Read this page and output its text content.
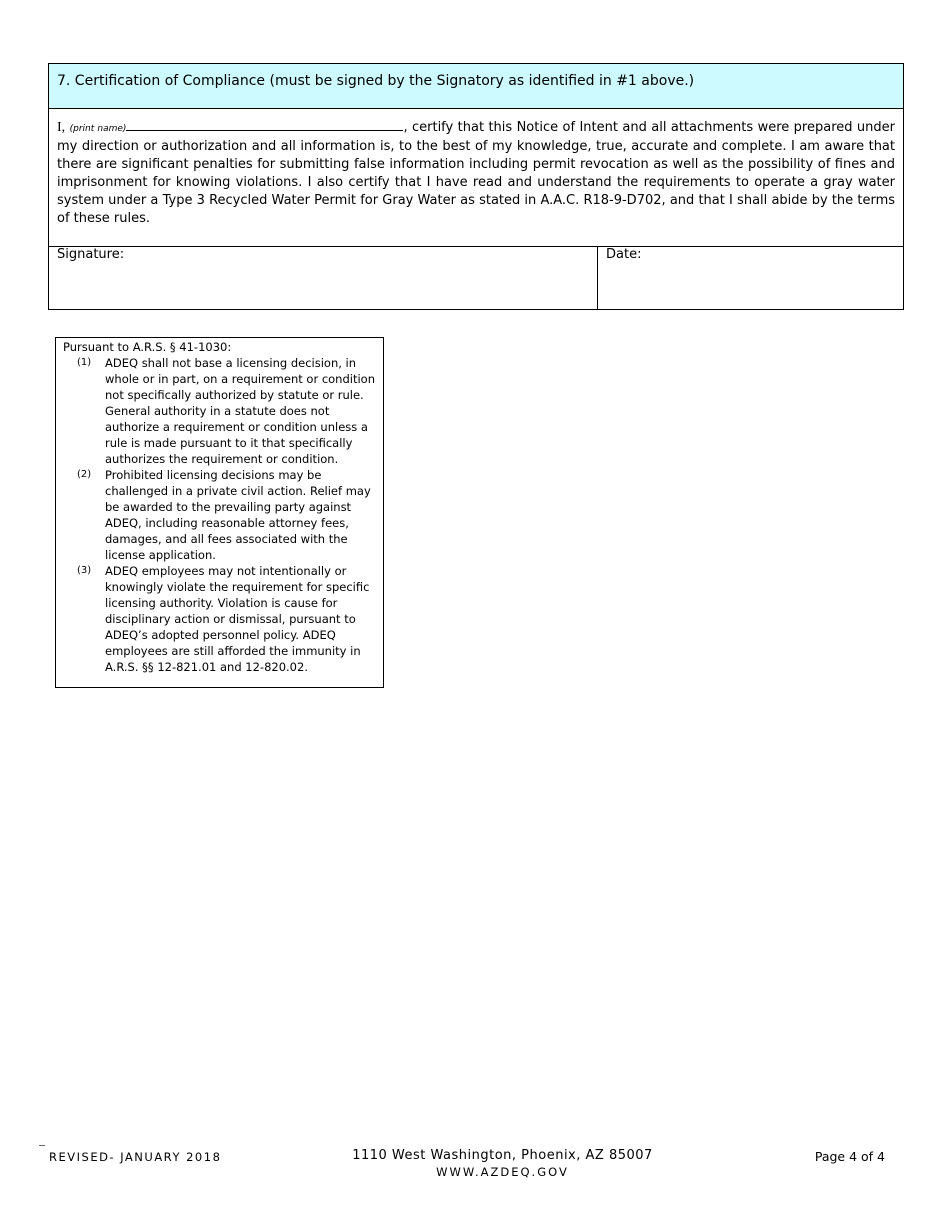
7. Certification of Compliance (must be signed by the Signatory as identified in #1 above.)
I, (print name)	, certify that this Notice of Intent and all attachments were prepared under my direction or authorization and all information is, to the best of my knowledge, true, accurate and complete. I am aware that there are significant penalties for submitting false information including permit revocation as well as the possibility of fines and imprisonment for knowing violations. I also certify that I have read and understand the requirements to operate a gray water system under a Type 3 Recycled Water Permit for Gray Water as stated in A.A.C. R18-9-D702, and that I shall abide by the terms of these rules.
Signature:	Date:
Pursuant to A.R.S. § 41-1030:
(1)	ADEQ shall not base a licensing decision, in whole or in part, on a requirement or condition not specifically authorized by statute or rule. General authority in a statute does not authorize a requirement or condition unless a rule is made pursuant to it that specifically authorizes the requirement or condition.
(2)	Prohibited licensing decisions may be challenged in a private civil action. Relief may be awarded to the prevailing party against ADEQ, including reasonable attorney fees, damages, and all fees associated with the license application.
(3)	ADEQ employees may not intentionally or knowingly violate the requirement for specific licensing authority. Violation is cause for disciplinary action or dismissal, pursuant to ADEQ’s adopted personnel policy. ADEQ employees are still afforded the immunity in A.R.S. §§ 12-821.01 and 12-820.02.
REVISED- JANUARY 2018	1110 West Washington, Phoenix, AZ 85007
WWW.AZDEQ.GOV
Page 4 of 4
